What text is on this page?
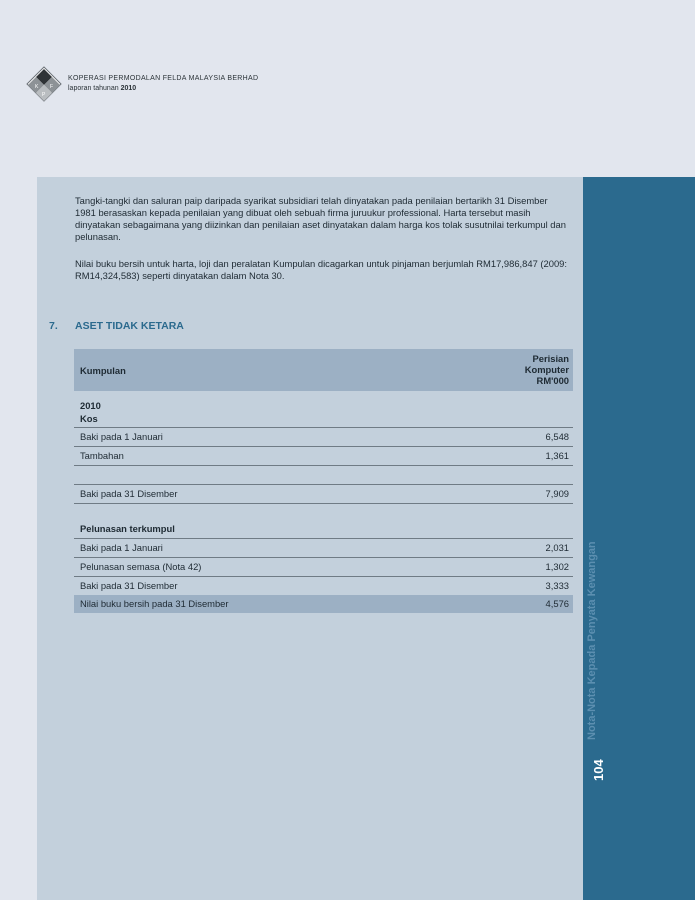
K
P
F
KOPERASI PERMODALAN FELDA MALAYSIA BERHAD
laporan tahunan 2010
Nota-Nota Kepada Penyata Kewangan
104

Tangki-tangki dan saluran paip daripada syarikat subsidiari telah dinyatakan pada penilaian bertarikh 31 Disember 1981 berasaskan kepada penilaian yang dibuat oleh sebuah firma juruukur professional. Harta tersebut masih dinyatakan sebagaimana yang diizinkan dan penilaian aset dinyatakan dalam harga kos tolak susutnilai terkumpul dan pelunasan.

Nilai buku bersih untuk harta, loji dan peralatan Kumpulan dicagarkan untuk pinjaman berjumlah RM17,986,847 (2009: RM14,324,583) seperti dinyatakan dalam Nota 30.

7. ASET TIDAK KETARA
Kumpulan
Perisian
Komputer
RM'000
2010
Kos
Baki pada 1 Januari	6,548
Tambahan	1,361
Baki pada 31 Disember	7,909
Pelunasan terkumpul
Baki pada 1 Januari	2,031
Pelunasan semasa (Nota 42)	1,302
Baki pada 31 Disember	3,333
Nilai buku bersih pada 31 Disember	4,576
